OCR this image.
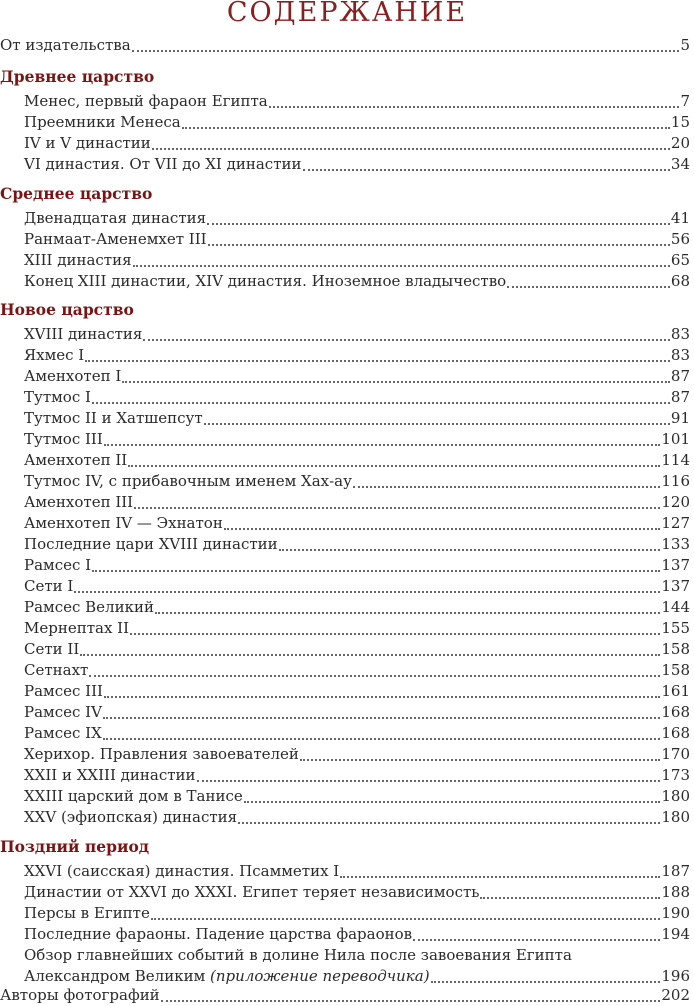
СОДЕРЖАНИЕ
От издательства	5
Древнее царство
Менес, первый фараон Египта	7
Преемники Менеса	15
IV и V династии	20
VI династия. От VII до XI династии	34
Среднее царство
Двенадцатая династия	41
Ранмаат-Аменемхет III	56
XIII династия	65
Конец XIII династии, XIV династия. Иноземное владычество	68
Новое царство
XVIII династия	83
Яхмес I	83
Аменхотеп I	87
Тутмос I	87
Тутмос II и Хатшепсут	91
Тутмос III	101
Аменхотеп II	114
Тутмос IV, с прибавочным именем Хах-ау	116
Аменхотеп III	120
Аменхотеп IV — Эхнатон	127
Последние цари XVIII династии	133
Рамсес I	137
Сети I	137
Рамсес Великий	144
Мернептах II	155
Сети II	158
Сетнахт	158
Рамсес III	161
Рамсес IV	168
Рамсес IX	168
Херихор. Правления завоевателей	170
XXII и XXIII династии	173
XXIII царский дом в Танисе	180
XXV (эфиопская) династия	180
Поздний период
XXVI (саисская) династия. Псамметих I	187
Династии от XXVI до XXXI. Египет теряет независимость	188
Персы в Египте	190
Последние фараоны. Падение царства фараонов	194
Обзор главнейших событий в долине Нила после завоевания Египта
Александром Великим (приложение переводчика)	196
Авторы фотографий	202
